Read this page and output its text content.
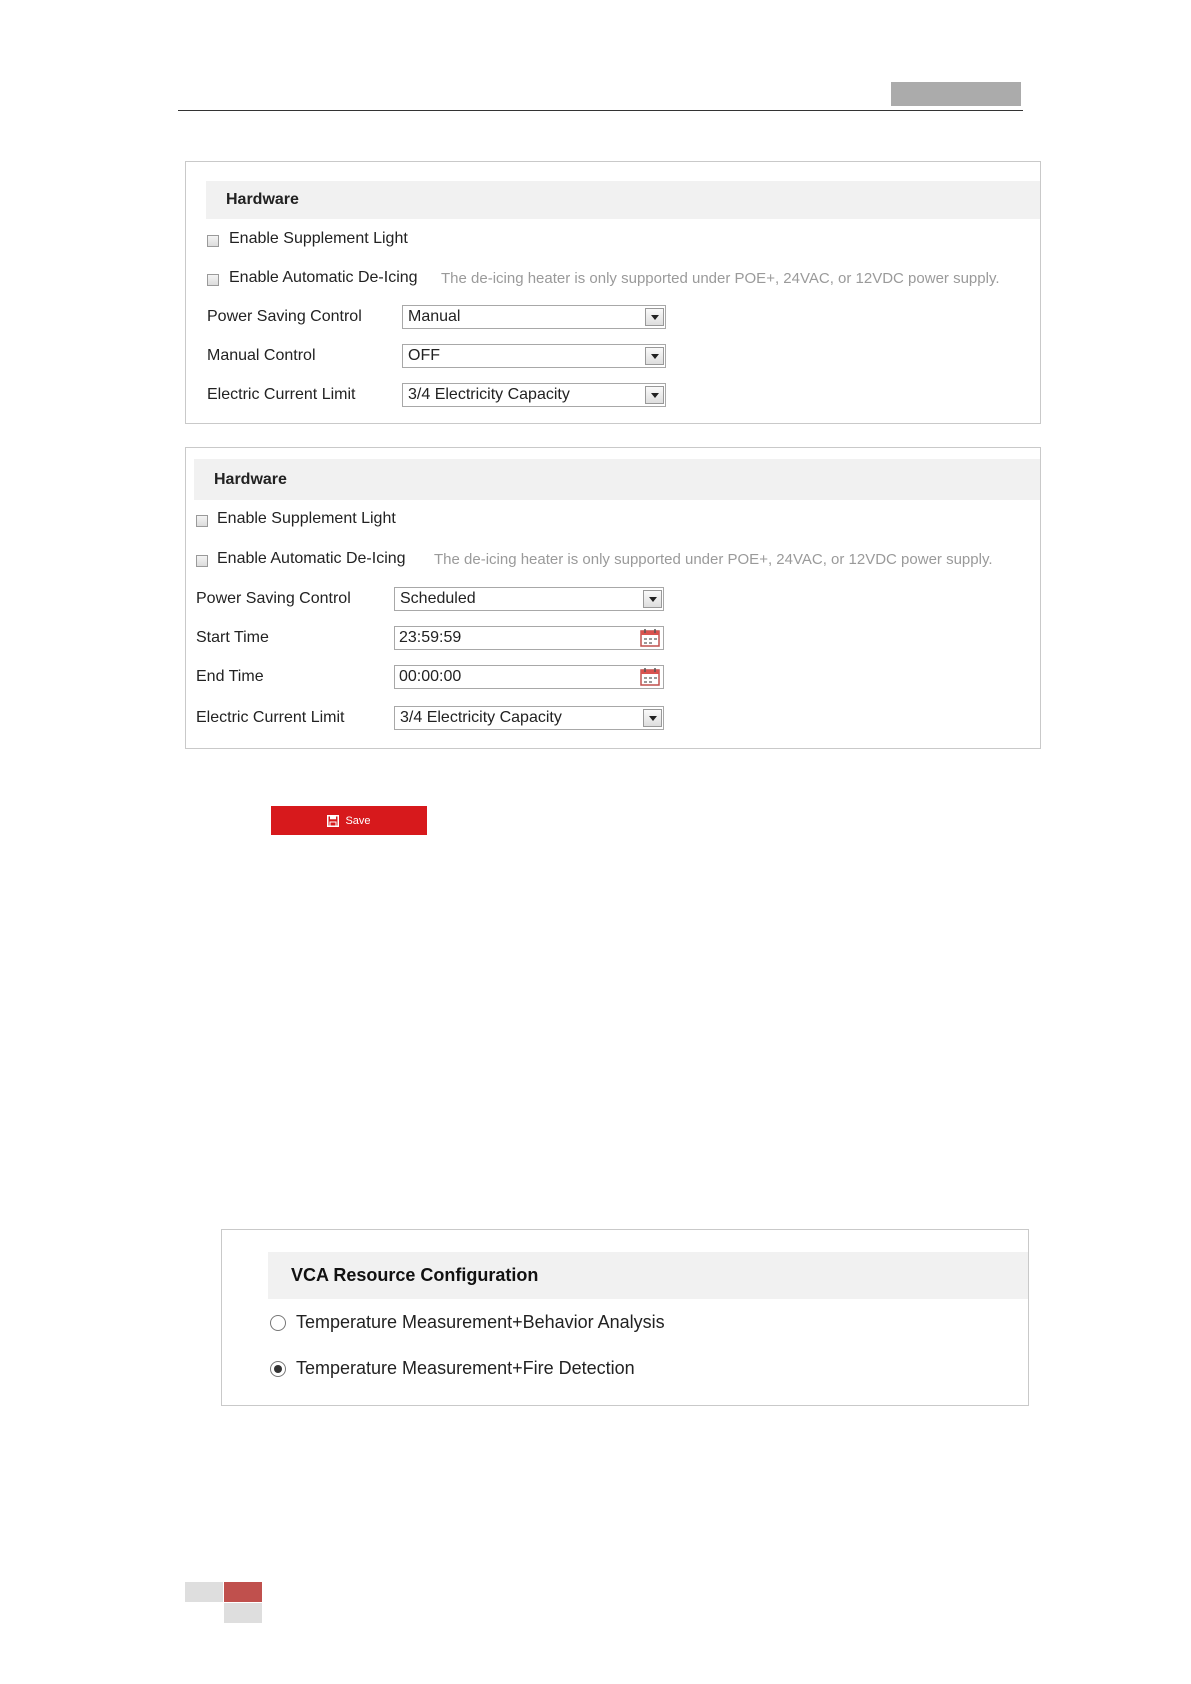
Hardware
Enable Supplement Light
Enable Automatic De-Icing The de-icing heater is only supported under POE+, 24VAC, or 12VDC power supply.
Power Saving Control	Manual
Manual Control	OFF
Electric Current Limit	3/4 Electricity Capacity
Hardware
Enable Supplement Light
Enable Automatic De-Icing The de-icing heater is only supported under POE+, 24VAC, or 12VDC power supply.
Power Saving Control	Scheduled
Start Time	23:59:59
End Time	00:00:00
Electric Current Limit	3/4 Electricity Capacity
Save
VCA Resource Configuration
Temperature Measurement+Behavior Analysis
Temperature Measurement+Fire Detection
